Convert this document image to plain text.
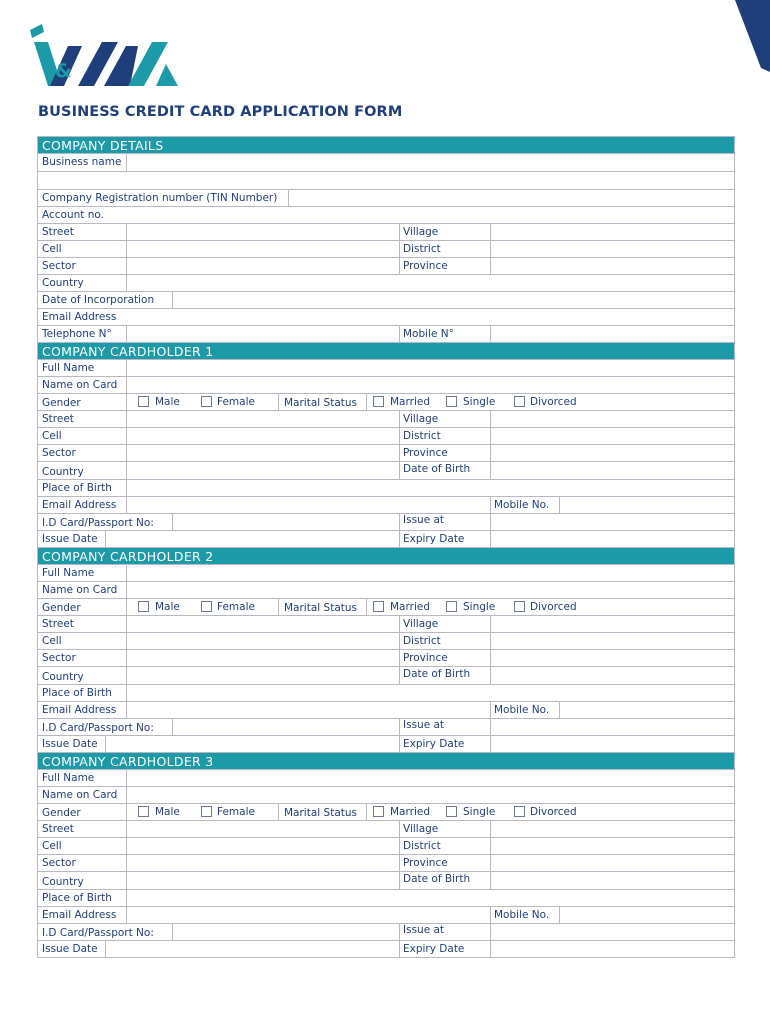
&
BUSINESS CREDIT CARD APPLICATION FORM
COMPANY DETAILS
Business name
Company Registration number (TIN Number)
Account no.
Street	Village
Cell	District
Sector	Province
Country
Date of Incorporation
Email Address
Telephone N°	Mobile N°
COMPANY CARDHOLDER 1
Full Name
Name on Card
Gender	Male	Female	Marital Status	Married	Single	Divorced
Street	Village
Cell	District
Sector	Province
Country	Date of Birth
Place of Birth
Email Address	Mobile No.
I.D Card/Passport No:	Issue at
Issue Date	Expiry Date
COMPANY CARDHOLDER 2
Full Name
Name on Card
Gender	Male	Female	Marital Status	Married	Single	Divorced
Street	Village
Cell	District
Sector	Province
Country	Date of Birth
Place of Birth
Email Address	Mobile No.
I.D Card/Passport No:	Issue at
Issue Date	Expiry Date
COMPANY CARDHOLDER 3
Full Name
Name on Card
Gender	Male	Female	Marital Status	Married	Single	Divorced
Street	Village
Cell	District
Sector	Province
Country	Date of Birth
Place of Birth
Email Address	Mobile No.
I.D Card/Passport No:	Issue at
Issue Date	Expiry Date
